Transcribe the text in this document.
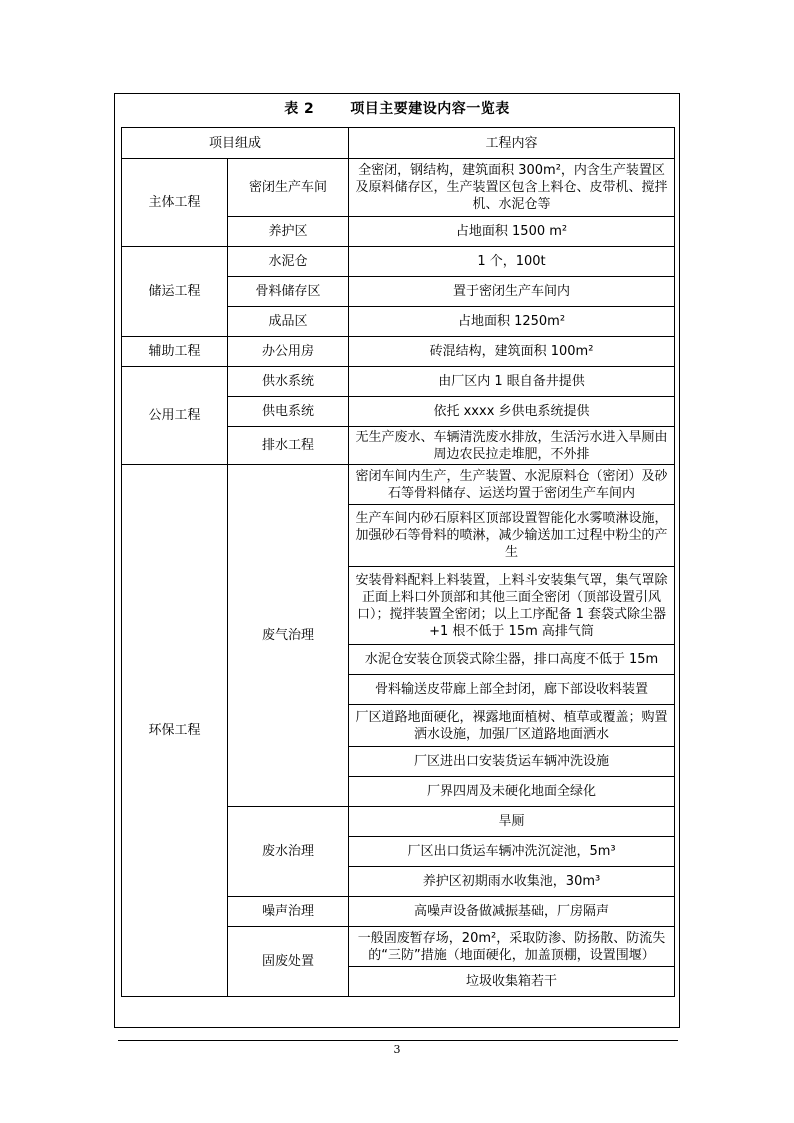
表 2	项目主要建设内容一览表
项目组成		工程内容
主体工程	密闭生产车间	全密闭，钢结构，建筑面积 300m²，内含生产装置区及原料储存区，生产装置区包含上料仓、皮带机、搅拌机、水泥仓等
	养护区	占地面积 1500 m²
储运工程	水泥仓	1 个，100t
	骨料储存区	置于密闭生产车间内
	成品区	占地面积 1250m²
辅助工程	办公用房	砖混结构，建筑面积 100m²
公用工程	供水系统	由厂区内 1 眼自备井提供
	供电系统	依托 xxxx 乡供电系统提供
	排水工程	无生产废水、车辆清洗废水排放，生活污水进入旱厕由周边农民拉走堆肥，不外排
环保工程	废气治理	密闭车间内生产，生产装置、水泥原料仓（密闭）及砂石等骨料储存、运送均置于密闭生产车间内
		生产车间内砂石原料区顶部设置智能化水雾喷淋设施，加强砂石等骨料的喷淋，减少输送加工过程中粉尘的产生
		安装骨料配料上料装置，上料斗安装集气罩，集气罩除正面上料口外顶部和其他三面全密闭（顶部设置引风口）；搅拌装置全密闭；以上工序配备 1 套袋式除尘器+1 根不低于 15m 高排气筒
		水泥仓安装仓顶袋式除尘器，排口高度不低于 15m
		骨料输送皮带廊上部全封闭，廊下部设收料装置
		厂区道路地面硬化，裸露地面植树、植草或覆盖；购置洒水设施，加强厂区道路地面洒水
		厂区进出口安装货运车辆冲洗设施
		厂界四周及未硬化地面全绿化
	废水治理	旱厕
		厂区出口货运车辆冲洗沉淀池，5m³
		养护区初期雨水收集池，30m³
	噪声治理	高噪声设备做减振基础，厂房隔声
	固废处置	一般固废暂存场，20m²，采取防渗、防扬散、防流失的“三防”措施（地面硬化，加盖顶棚，设置围堰）
		垃圾收集箱若干
3
